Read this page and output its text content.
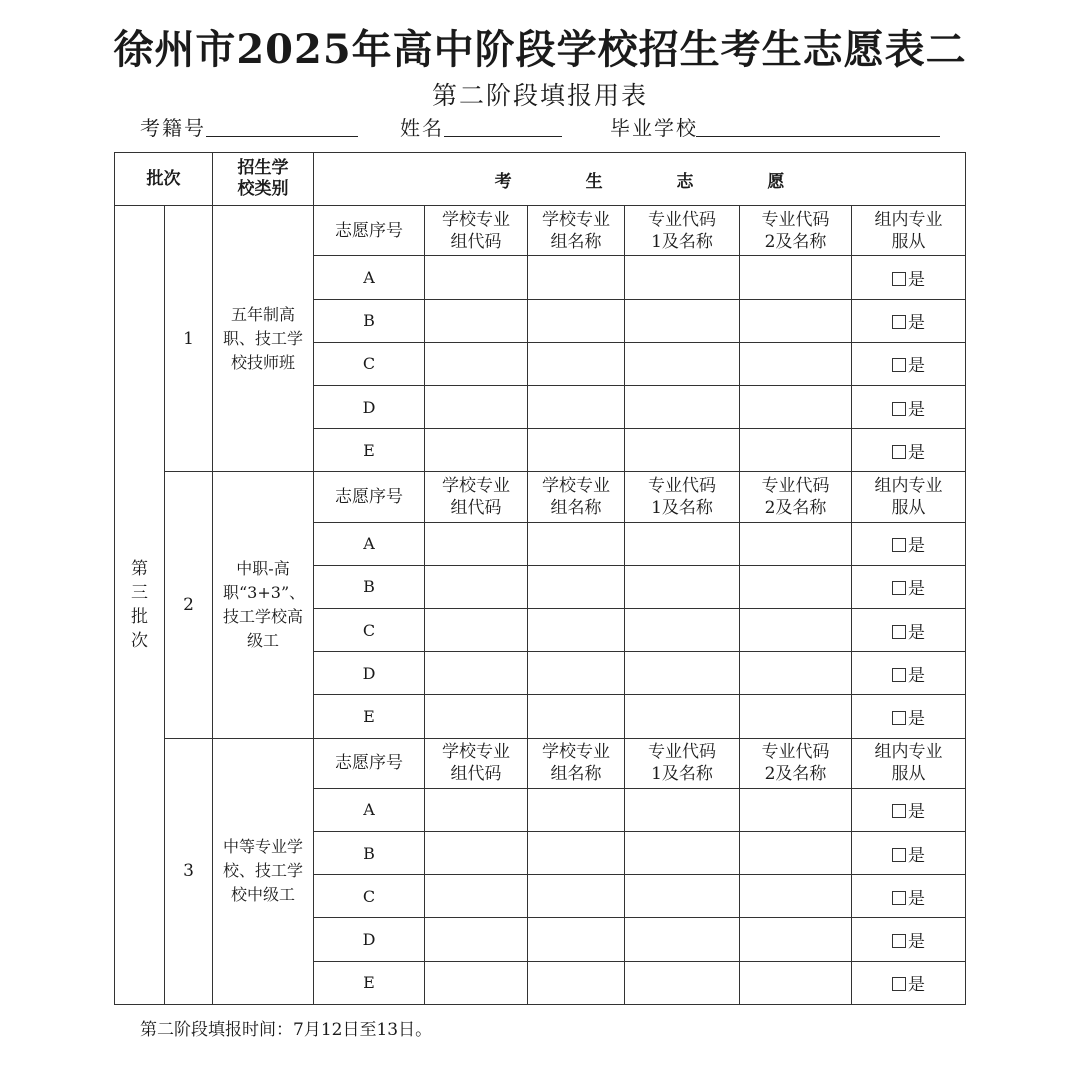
徐州市2025年高中阶段学校招生考生志愿表二
第二阶段填报用表
考籍号	姓名	毕业学校
批次		招生学校类别	考 生 志 愿					
第三批次	1	五年制高职、技工学校技师班	志愿序号	学校专业组代码	学校专业组名称	专业代码1及名称	专业代码2及名称	组内专业服从

			A					是
			B					是
			C					是
			D					是
			E					是
	2	中职-高职“3+3”、技工学校高级工	志愿序号	学校专业组代码	学校专业组名称	专业代码1及名称	专业代码2及名称	组内专业服从

			A					是
			B					是
			C					是
			D					是
			E					是
	3	中等专业学校、技工学校中级工	志愿序号	学校专业组代码	学校专业组名称	专业代码1及名称	专业代码2及名称	组内专业服从

			A					是
			B					是
			C					是
			D					是
			E					是
第二阶段填报时间：7月12日至13日。
